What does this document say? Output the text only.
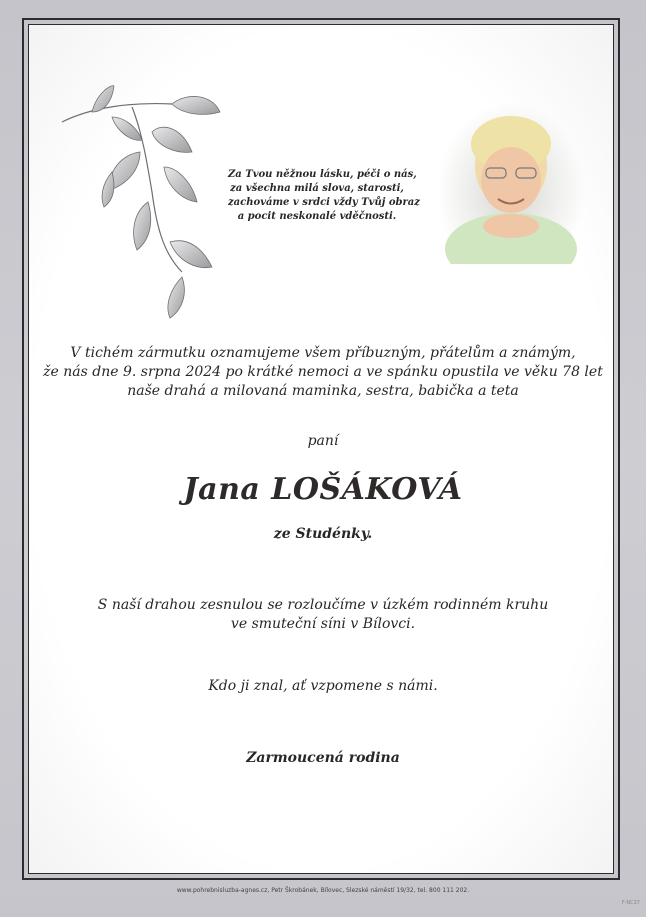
Za Tvou něžnou lásku, péči o nás,
za všechna milá slova, starosti,
zachováme v srdci vždy Tvůj obraz
a pocit neskonalé vděčnosti.
V tichém zármutku oznamujeme všem příbuzným, přátelům a známým,
že nás dne 9. srpna 2024 po krátké nemoci a ve spánku opustila ve věku 78 let
naše drahá a milovaná maminka, sestra, babička a teta
paní
Jana LOŠÁKOVÁ
ze Studénky.
S naší drahou zesnulou se rozloučíme v úzkém rodinném kruhu
ve smuteční síni v Bílovci.
Kdo ji znal, ať vzpomene s námi.
Zarmoucená rodina
www.pohrebnisluzba-agnes.cz, Petr Škrobánek, Bílovec, Slezské náměstí 19/32, tel. 800 111 202.
F-NC37
